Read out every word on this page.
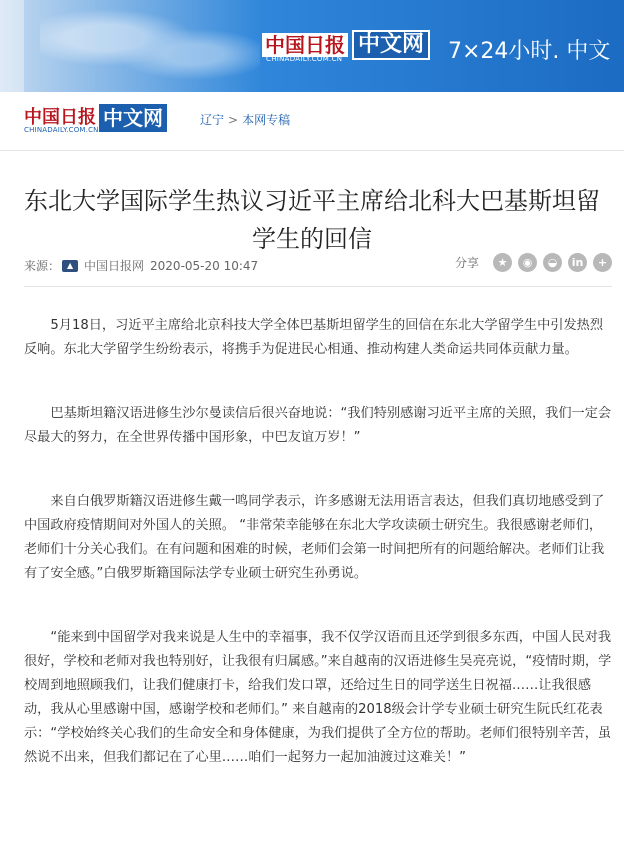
中国日报 中文网
CHINADAILY.COM.CN	7×24小时. 中文
中国日报 中文网
CHINADAILY.COM.CN
辽宁 > 本网专稿
东北大学国际学生热议习近平主席给北科大巴基斯坦留学生的回信
来源： ▲ 中国日报网 2020-05-20 10:47	分享	★	◉	◒	in	+

5月18日，习近平主席给北京科技大学全体巴基斯坦留学生的回信在东北大学留学生中引发热烈反响。东北大学留学生纷纷表示，将携手为促进民心相通、推动构建人类命运共同体贡献力量。

巴基斯坦籍汉语进修生沙尔曼读信后很兴奋地说：“我们特别感谢习近平主席的关照，我们一定会尽最大的努力，在全世界传播中国形象，中巴友谊万岁！”

来自白俄罗斯籍汉语进修生戴一鸣同学表示，许多感谢无法用语言表达，但我们真切地感受到了中国政府疫情期间对外国人的关照。 “非常荣幸能够在东北大学攻读硕士研究生。我很感谢老师们，老师们十分关心我们。在有问题和困难的时候，老师们会第一时间把所有的问题给解决。老师们让我有了安全感。”白俄罗斯籍国际法学专业硕士研究生孙勇说。

“能来到中国留学对我来说是人生中的幸福事，我不仅学汉语而且还学到很多东西，中国人民对我很好，学校和老师对我也特别好，让我很有归属感。”来自越南的汉语进修生吴亮亮说，“疫情时期，学校周到地照顾我们，让我们健康打卡，给我们发口罩，还给过生日的同学送生日祝福……让我很感动，我从心里感谢中国，感谢学校和老师们。” 来自越南的2018级会计学专业硕士研究生阮氏红花表示：“学校始终关心我们的生命安全和身体健康，为我们提供了全方位的帮助。老师们很特别辛苦，虽然说不出来，但我们都记在了心里……咱们一起努力一起加油渡过这难关！”
